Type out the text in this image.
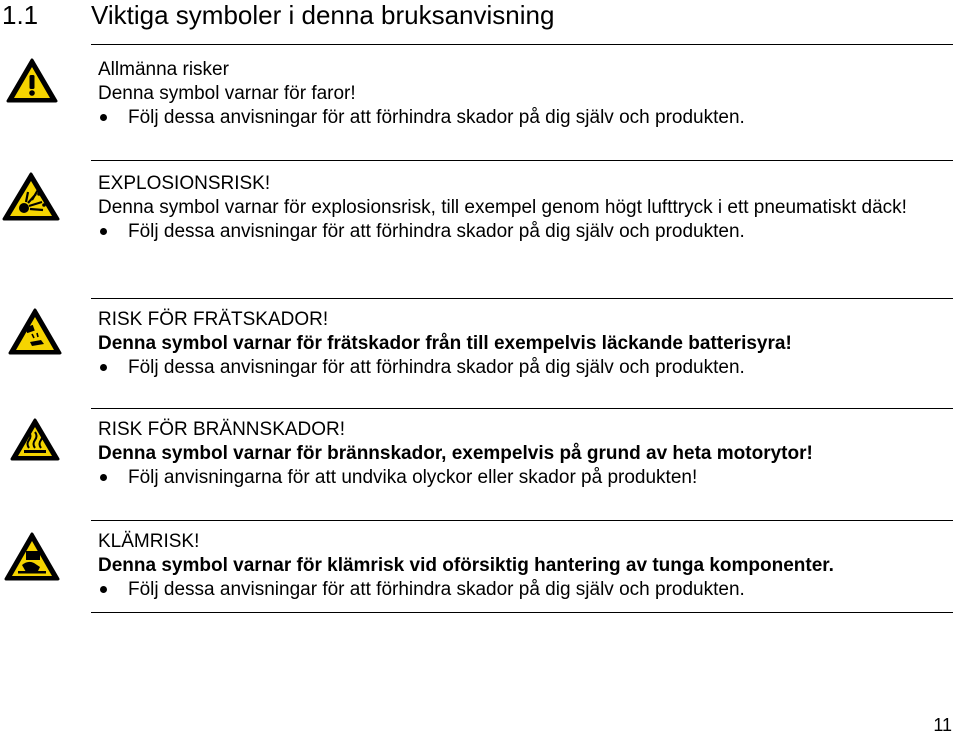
1.1 Viktiga symboler i denna bruksanvisning
Allmänna risker
Denna symbol varnar för faror!
Följ dessa anvisningar för att förhindra skador på dig själv och produkten.
EXPLOSIONSRISK!
Denna symbol varnar för explosionsrisk, till exempel genom högt lufttryck i ett pneumatiskt däck!
Följ dessa anvisningar för att förhindra skador på dig själv och produkten.
RISK FÖR FRÄTSKADOR!
Denna symbol varnar för frätskador från till exempelvis läckande batterisyra!
Följ dessa anvisningar för att förhindra skador på dig själv och produkten.
RISK FÖR BRÄNNSKADOR!
Denna symbol varnar för brännskador, exempelvis på grund av heta motorytor!
Följ anvisningarna för att undvika olyckor eller skador på produkten!
KLÄMRISK!
Denna symbol varnar för klämrisk vid oförsiktig hantering av tunga komponenter.
Följ dessa anvisningar för att förhindra skador på dig själv och produkten.
11
